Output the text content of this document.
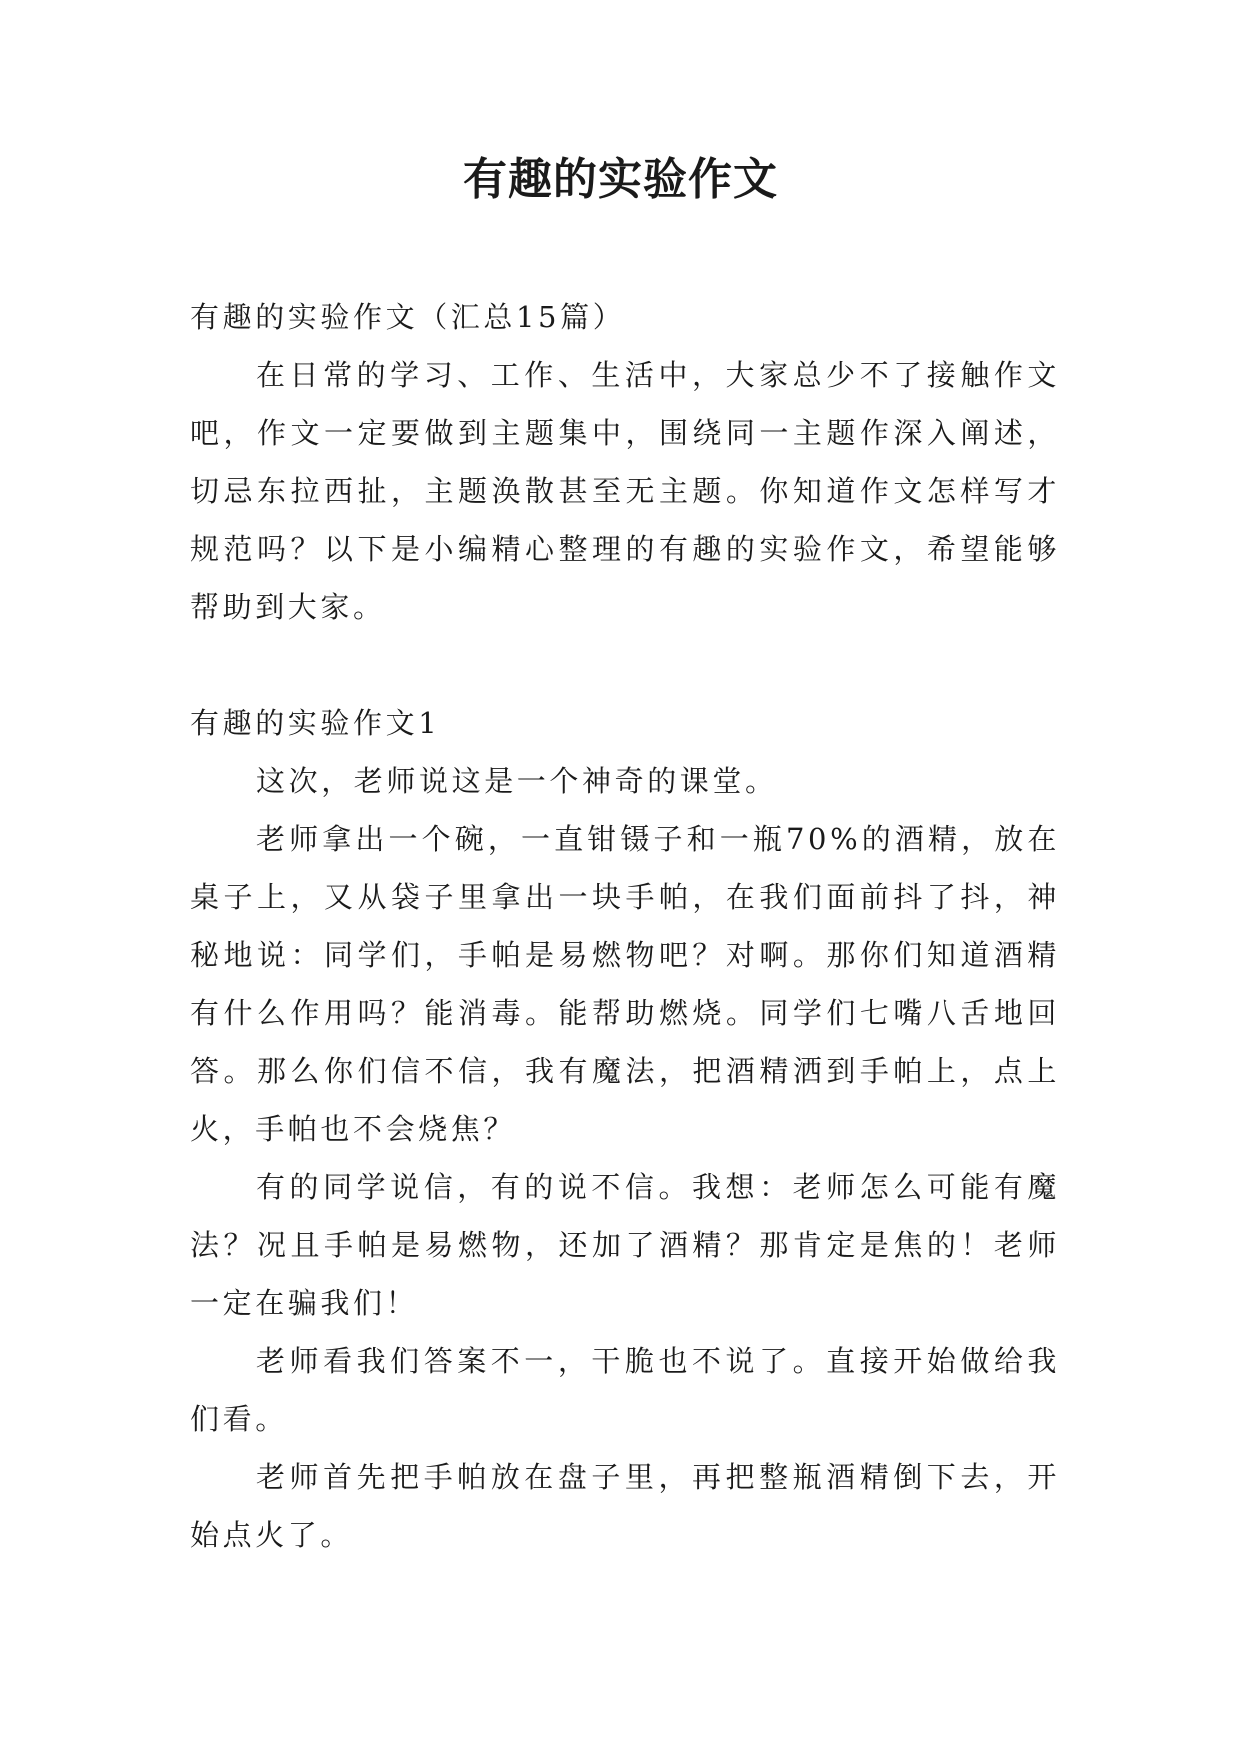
有趣的实验作文

有趣的实验作文（汇总15篇）

在日常的学习、工作、生活中，大家总少不了接触作文吧，作文一定要做到主题集中，围绕同一主题作深入阐述，切忌东拉西扯，主题涣散甚至无主题。你知道作文怎样写才规范吗？以下是小编精心整理的有趣的实验作文，希望能够帮助到大家。

有趣的实验作文1

这次，老师说这是一个神奇的课堂。

老师拿出一个碗，一直钳镊子和一瓶70%的酒精，放在桌子上，又从袋子里拿出一块手帕，在我们面前抖了抖，神秘地说：同学们，手帕是易燃物吧？对啊。那你们知道酒精有什么作用吗？能消毒。能帮助燃烧。同学们七嘴八舌地回答。那么你们信不信，我有魔法，把酒精洒到手帕上，点上火，手帕也不会烧焦？

有的同学说信，有的说不信。我想：老师怎么可能有魔法？况且手帕是易燃物，还加了酒精？那肯定是焦的！老师一定在骗我们！

老师看我们答案不一，干脆也不说了。直接开始做给我们看。

老师首先把手帕放在盘子里，再把整瓶酒精倒下去，开始点火了。
